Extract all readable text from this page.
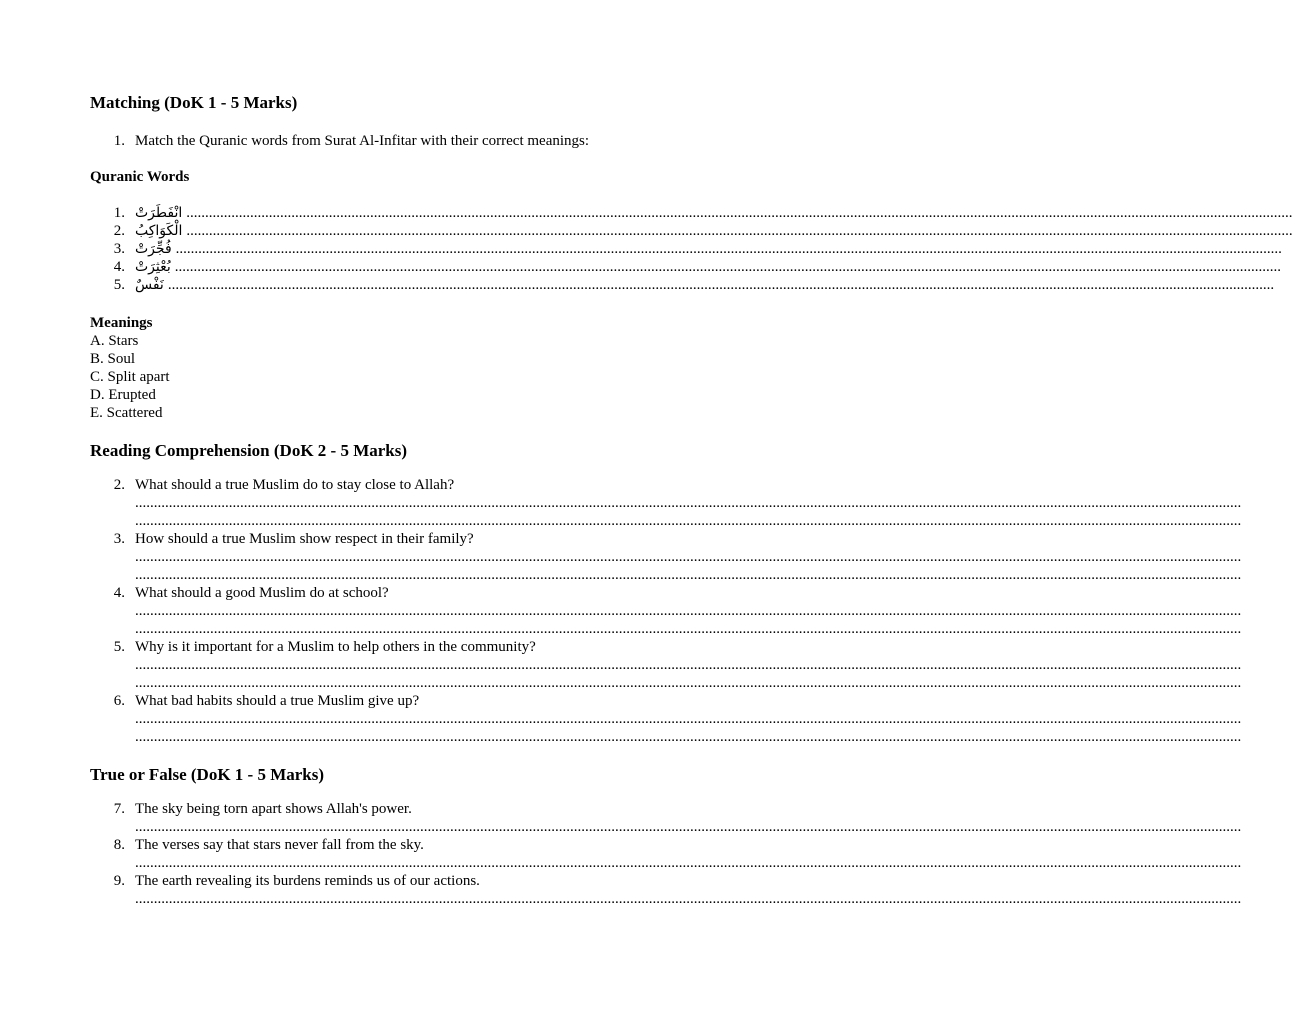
Matching (DoK 1 - 5 Marks)
1. Match the Quranic words from Surat Al-Infitar with their correct meanings:

Quranic Words

1. انْفَطَرَتْ .......................................................................................................................................................................................................................................................................................................
2. الْكَوَاكِبُ .......................................................................................................................................................................................................................................................................................................
3. فُجِّرَتْ .......................................................................................................................................................................................................................................................................................................
4. بُعْثِرَتْ .......................................................................................................................................................................................................................................................................................................
5. نَفْسٌ .......................................................................................................................................................................................................................................................................................................

Meanings

A. Stars

B. Soul

C. Split apart

D. Erupted

E. Scattered

Reading Comprehension (DoK 2 - 5 Marks)
2. What should a true Muslim do to stay close to Allah?
.......................................................................................................................................................................................................................................................................................................
.......................................................................................................................................................................................................................................................................................................
3. How should a true Muslim show respect in their family?
.......................................................................................................................................................................................................................................................................................................
.......................................................................................................................................................................................................................................................................................................
4. What should a good Muslim do at school?
.......................................................................................................................................................................................................................................................................................................
.......................................................................................................................................................................................................................................................................................................
5. Why is it important for a Muslim to help others in the community?
.......................................................................................................................................................................................................................................................................................................
.......................................................................................................................................................................................................................................................................................................
6. What bad habits should a true Muslim give up?
.......................................................................................................................................................................................................................................................................................................
.......................................................................................................................................................................................................................................................................................................
True or False (DoK 1 - 5 Marks)
7. The sky being torn apart shows Allah's power.
.......................................................................................................................................................................................................................................................................................................
8. The verses say that stars never fall from the sky.
.......................................................................................................................................................................................................................................................................................................
9. The earth revealing its burdens reminds us of our actions.
.......................................................................................................................................................................................................................................................................................................
